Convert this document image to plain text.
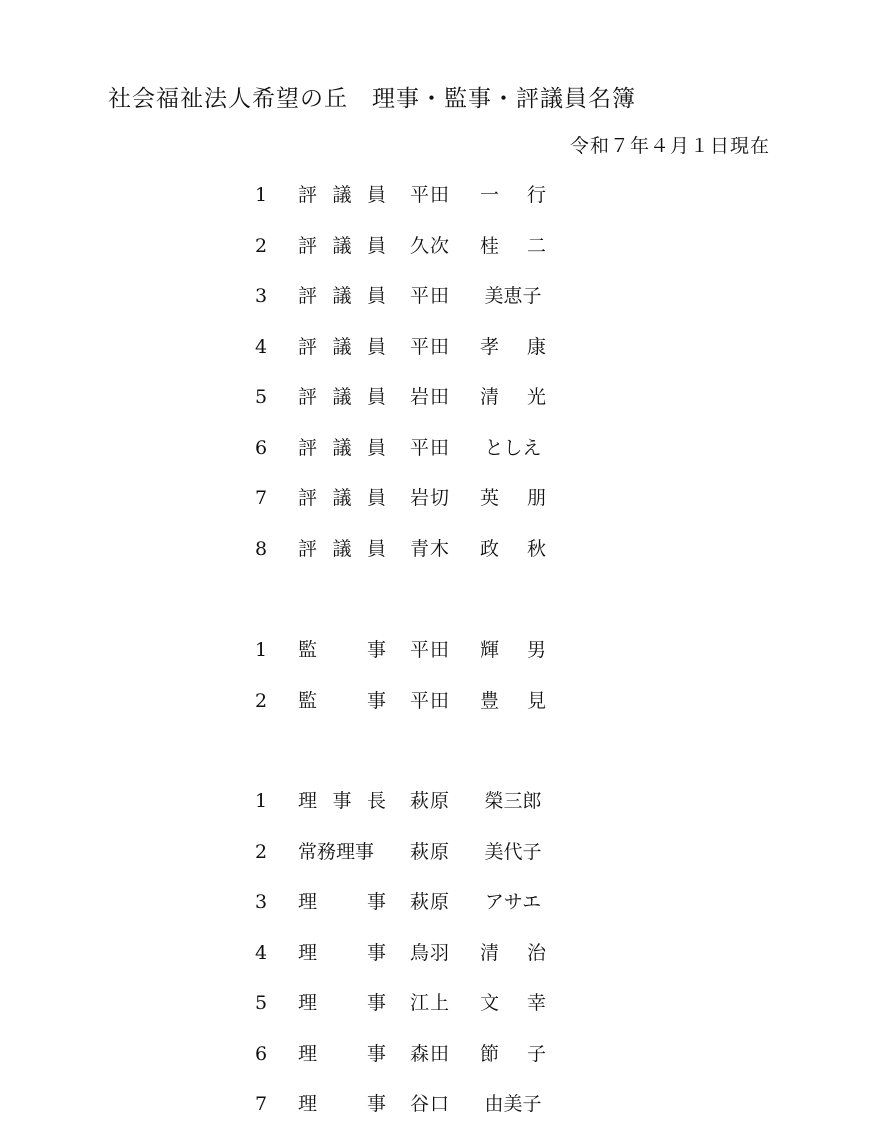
社会福祉法人希望の丘　理事・監事・評議員名簿
令和７年４月１日現在
1 評 議 員 平田 一 行
2 評 議 員 久次 桂 二
3 評 議 員 平田 美恵子
4 評 議 員 平田 孝 康
5 評 議 員 岩田 清 光
6 評 議 員 平田 としえ
7 評 議 員 岩切 英 朋
8 評 議 員 青木 政 秋
1 監	事 平田 輝 男
2 監	事 平田 豊 見
1 理 事 長 萩原 榮三郎
2 常務理事 萩原 美代子
3 理	事 萩原 アサエ
4 理	事 鳥羽 清 治
5 理	事 江上 文 幸
6 理	事 森田 節 子
7 理	事 谷口 由美子
